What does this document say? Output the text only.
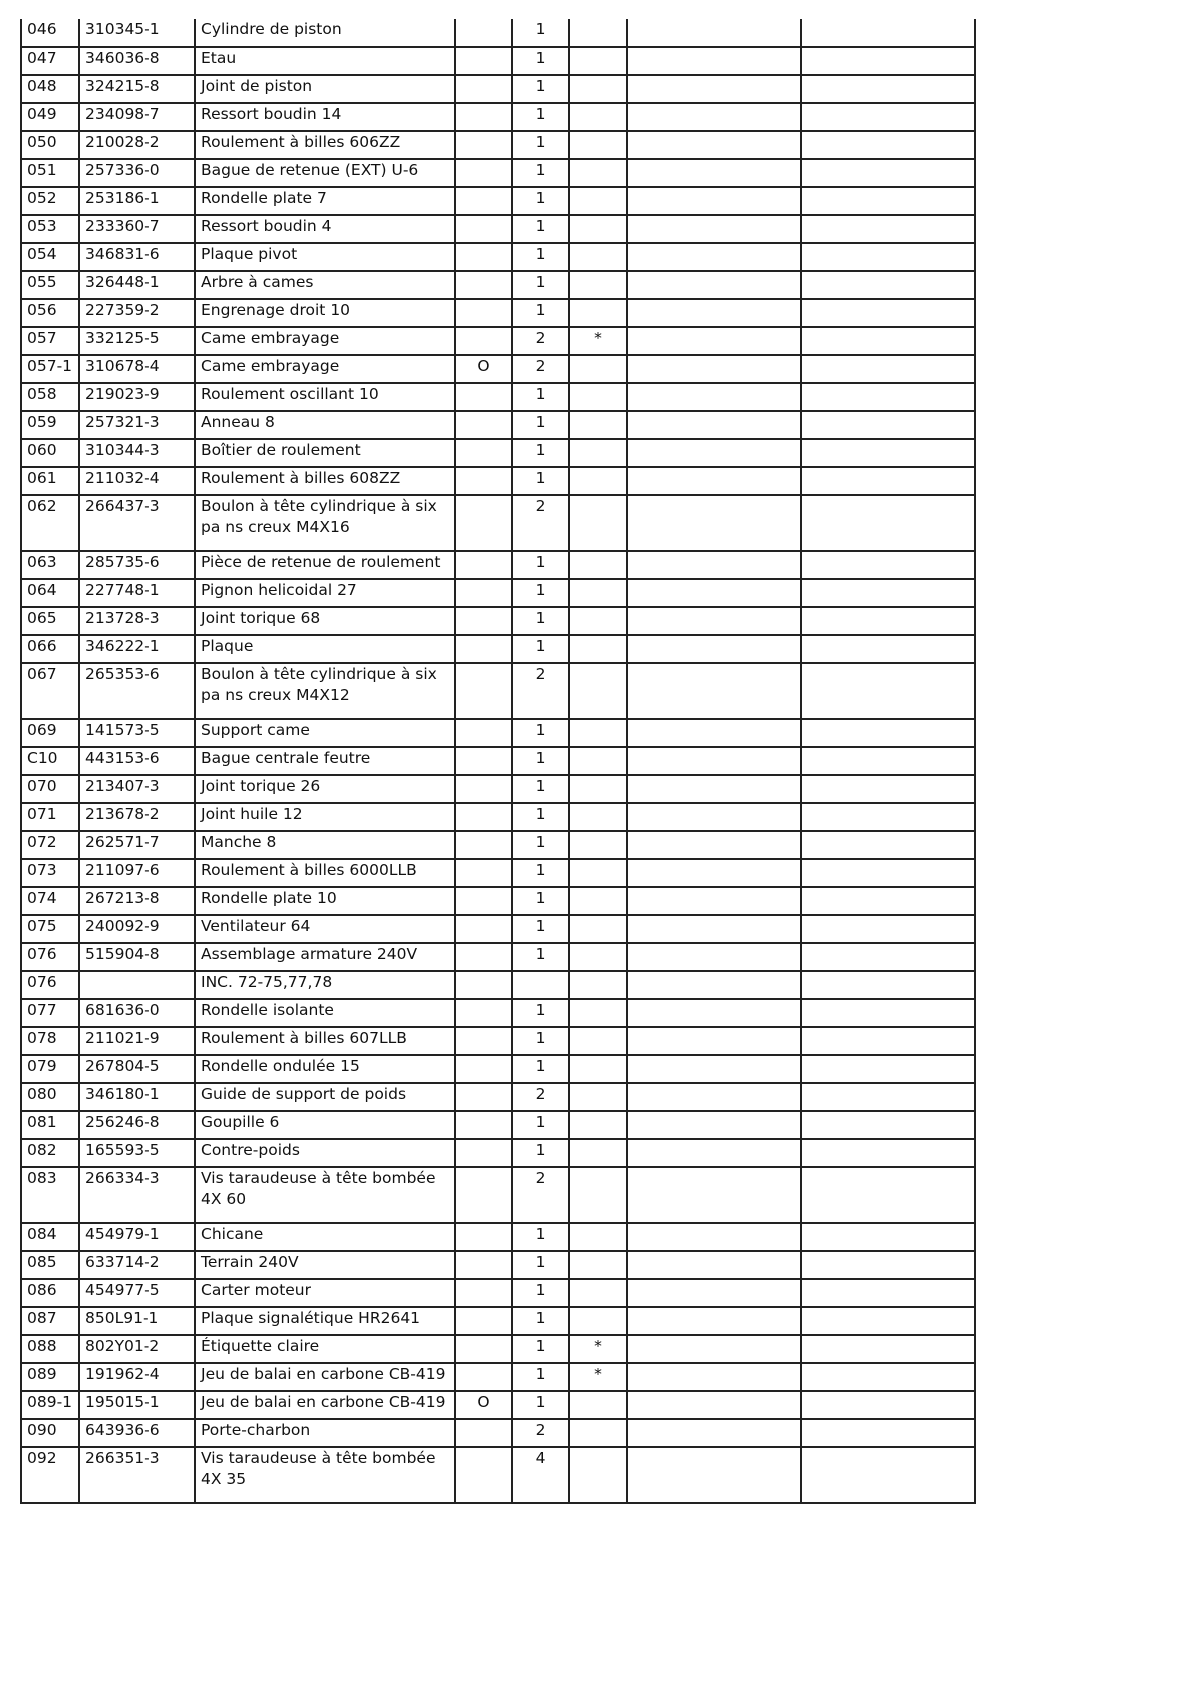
046	310345-1	Cylindre de piston		1			
047	346036-8	Etau		1			
048	324215-8	Joint de piston		1			
049	234098-7	Ressort boudin 14		1			
050	210028-2	Roulement à billes 606ZZ		1			
051	257336-0	Bague de retenue (EXT) U-6		1			
052	253186-1	Rondelle plate 7		1			
053	233360-7	Ressort boudin 4		1			
054	346831-6	Plaque pivot		1			
055	326448-1	Arbre à cames		1			
056	227359-2	Engrenage droit 10		1			
057	332125-5	Came embrayage		2	*		
057-1	310678-4	Came embrayage	O	2			
058	219023-9	Roulement oscillant 10		1			
059	257321-3	Anneau 8		1			
060	310344-3	Boîtier de roulement		1			
061	211032-4	Roulement à billes 608ZZ		1			
062	266437-3	Boulon à tête cylindrique à six pa ns creux M4X16		2			
063	285735-6	Pièce de retenue de roulement		1			
064	227748-1	Pignon helicoidal 27		1			
065	213728-3	Joint torique 68		1			
066	346222-1	Plaque		1			
067	265353-6	Boulon à tête cylindrique à six pa ns creux M4X12		2			
069	141573-5	Support came		1			
C10	443153-6	Bague centrale feutre		1			
070	213407-3	Joint torique 26		1			
071	213678-2	Joint huile 12		1			
072	262571-7	Manche 8		1			
073	211097-6	Roulement à billes 6000LLB		1			
074	267213-8	Rondelle plate 10		1			
075	240092-9	Ventilateur 64		1			
076	515904-8	Assemblage armature 240V		1			
076		INC. 72-75,77,78					
077	681636-0	Rondelle isolante		1			
078	211021-9	Roulement à billes 607LLB		1			
079	267804-5	Rondelle ondulée 15		1			
080	346180-1	Guide de support de poids		2			
081	256246-8	Goupille 6		1			
082	165593-5	Contre-poids		1			
083	266334-3	Vis taraudeuse à tête bombée 4X 60		2			
084	454979-1	Chicane		1			
085	633714-2	Terrain 240V		1			
086	454977-5	Carter moteur		1			
087	850L91-1	Plaque signalétique HR2641		1			
088	802Y01-2	Étiquette claire		1	*		
089	191962-4	Jeu de balai en carbone CB-419		1	*		
089-1	195015-1	Jeu de balai en carbone CB-419	O	1			
090	643936-6	Porte-charbon		2			
092	266351-3	Vis taraudeuse à tête bombée 4X 35		4			
